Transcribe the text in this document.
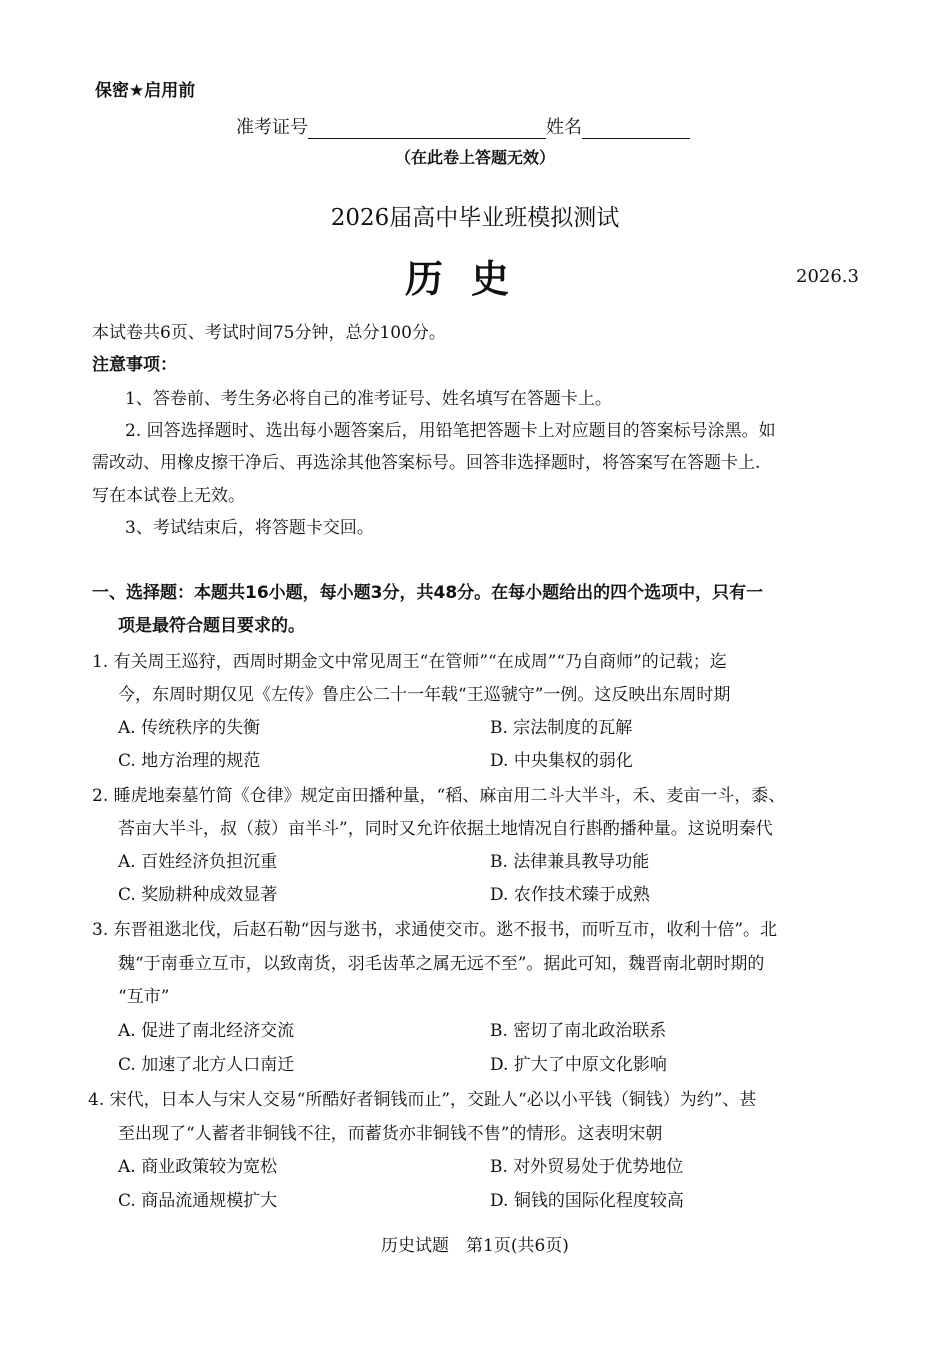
保密★启用前
准考证号	姓名
（在此卷上答题无效）
2026届高中毕业班模拟测试
历史	2026.3
本试卷共6页、考试时间75分钟，总分100分。
注意事项：
1、答卷前、考生务必将自己的准考证号、姓名填写在答题卡上。
2. 回答选择题时、选出每小题答案后，用铅笔把答题卡上对应题目的答案标号涂黑。如
需改动、用橡皮擦干净后、再选涂其他答案标号。回答非选择题时，将答案写在答题卡上.
写在本试卷上无效。
3、考试结束后，将答题卡交回。
一、选择题：本题共16小题，每小题3分，共48分。在每小题给出的四个选项中，只有一
项是最符合题目要求的。
1. 有关周王巡狩，西周时期金文中常见周王“在管师”“在成周”“乃自商师”的记载；迄
今，东周时期仅见《左传》鲁庄公二十一年载“王巡虢守”一例。这反映出东周时期
A. 传统秩序的失衡	B. 宗法制度的瓦解
C. 地方治理的规范	D. 中央集权的弱化
2. 睡虎地秦墓竹简《仓律》规定亩田播种量，“稻、麻亩用二斗大半斗，禾、麦亩一斗，黍、
荅亩大半斗，叔（菽）亩半斗”，同时又允许依据土地情况自行斟酌播种量。这说明秦代
A. 百姓经济负担沉重	B. 法律兼具教导功能
C. 奖励耕种成效显著	D. 农作技术臻于成熟
3. 东晋祖逖北伐，后赵石勒“因与逖书，求通使交市。逖不报书，而听互市，收利十倍”。北
魏“于南垂立互市，以致南货，羽毛齿革之属无远不至”。据此可知，魏晋南北朝时期的
“互市”
A. 促进了南北经济交流	B. 密切了南北政治联系
C. 加速了北方人口南迁	D. 扩大了中原文化影响
4. 宋代，日本人与宋人交易“所酷好者铜钱而止”，交趾人“必以小平钱（铜钱）为约”、甚
至出现了“人蓄者非铜钱不往，而蓄货亦非铜钱不售”的情形。这表明宋朝
A. 商业政策较为宽松	B. 对外贸易处于优势地位
C. 商品流通规模扩大	D. 铜钱的国际化程度较高
历史试题　第1页(共6页)
